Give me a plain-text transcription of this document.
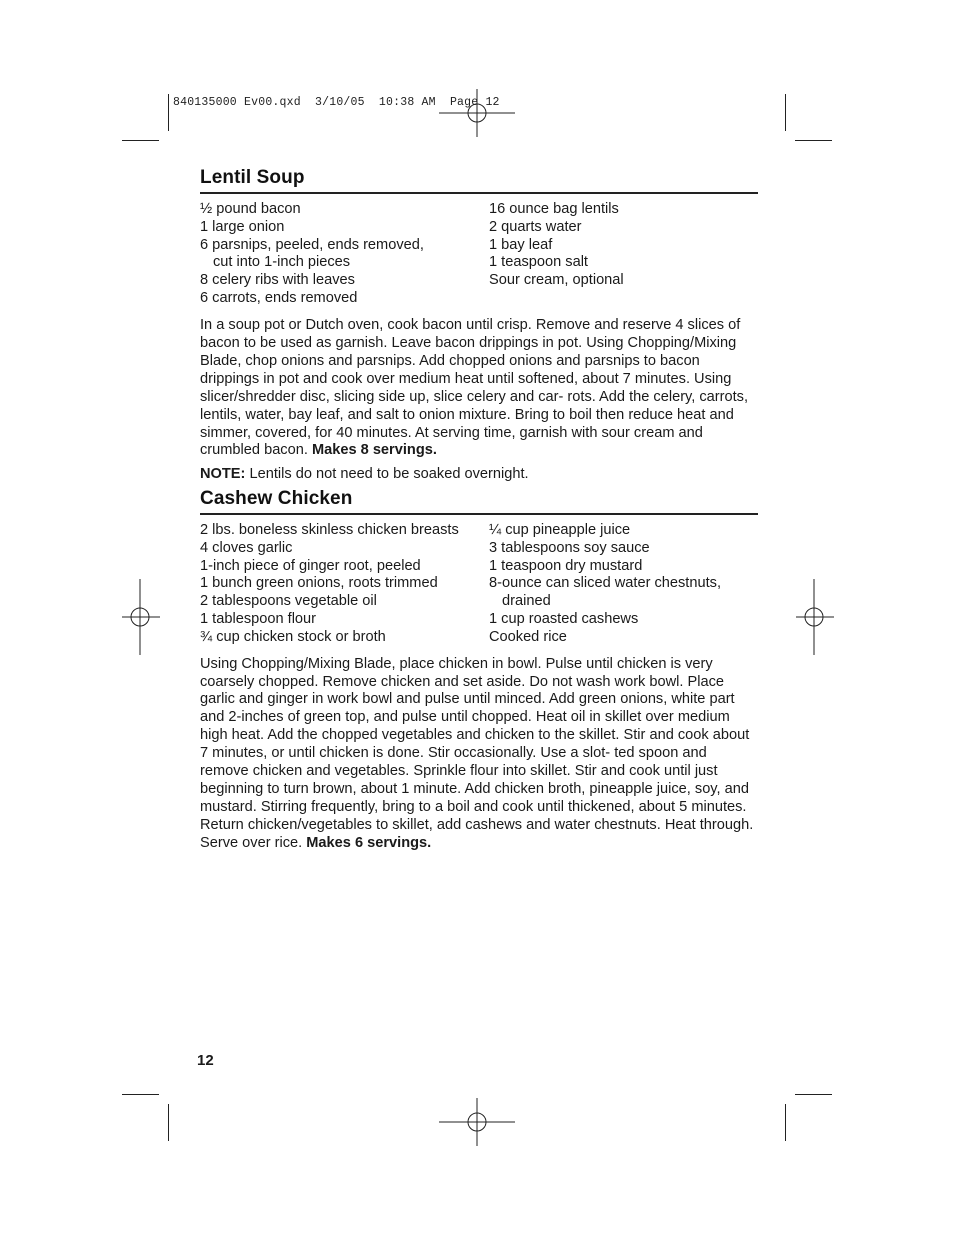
840135000 Ev00.qxd  3/10/05  10:38 AM  Page 12
Lentil Soup

½ pound bacon

1 large onion

6 parsnips, peeled, ends removed,

cut into 1-inch pieces

8 celery ribs with leaves

6 carrots, ends removed

16 ounce bag lentils

2 quarts water

1 bay leaf

1 teaspoon salt

Sour cream, optional

In a soup pot or Dutch oven, cook bacon until crisp. Remove and reserve 4 slices of bacon to be used as garnish. Leave bacon drippings in pot. Using Chopping/Mixing Blade, chop onions and parsnips. Add chopped onions and parsnips to bacon drippings in pot and cook over medium heat until softened, about 7 minutes. Using slicer/shredder disc, slicing side up, slice celery and car- rots. Add the celery, carrots, lentils, water, bay leaf, and salt to onion mixture. Bring to boil then reduce heat and simmer, covered, for 40 minutes. At serving time, garnish with sour cream and crumbled bacon. Makes 8 servings.

NOTE: Lentils do not need to be soaked overnight.

Cashew Chicken

2 lbs. boneless skinless chicken breasts

4 cloves garlic

1-inch piece of ginger root, peeled

1 bunch green onions, roots trimmed

2 tablespoons vegetable oil

1 tablespoon flour

¾ cup chicken stock or broth

¼ cup pineapple juice

3 tablespoons soy sauce

1 teaspoon dry mustard

8-ounce can sliced water chestnuts,

drained

1 cup roasted cashews

Cooked rice

Using Chopping/Mixing Blade, place chicken in bowl. Pulse until chicken is very coarsely chopped. Remove chicken and set aside. Do not wash work bowl. Place garlic and ginger in work bowl and pulse until minced. Add green onions, white part and 2-inches of green top, and pulse until chopped. Heat oil in skillet over medium high heat. Add the chopped vegetables and chicken to the skillet. Stir and cook about 7 minutes, or until chicken is done. Stir occasionally. Use a slot- ted spoon and remove chicken and vegetables. Sprinkle flour into skillet. Stir and cook until just beginning to turn brown, about 1 minute. Add chicken broth, pineapple juice, soy, and mustard. Stirring frequently, bring to a boil and cook until thickened, about 5 minutes. Return chicken/vegetables to skillet, add cashews and water chestnuts. Heat through. Serve over rice. Makes 6 servings.

12
